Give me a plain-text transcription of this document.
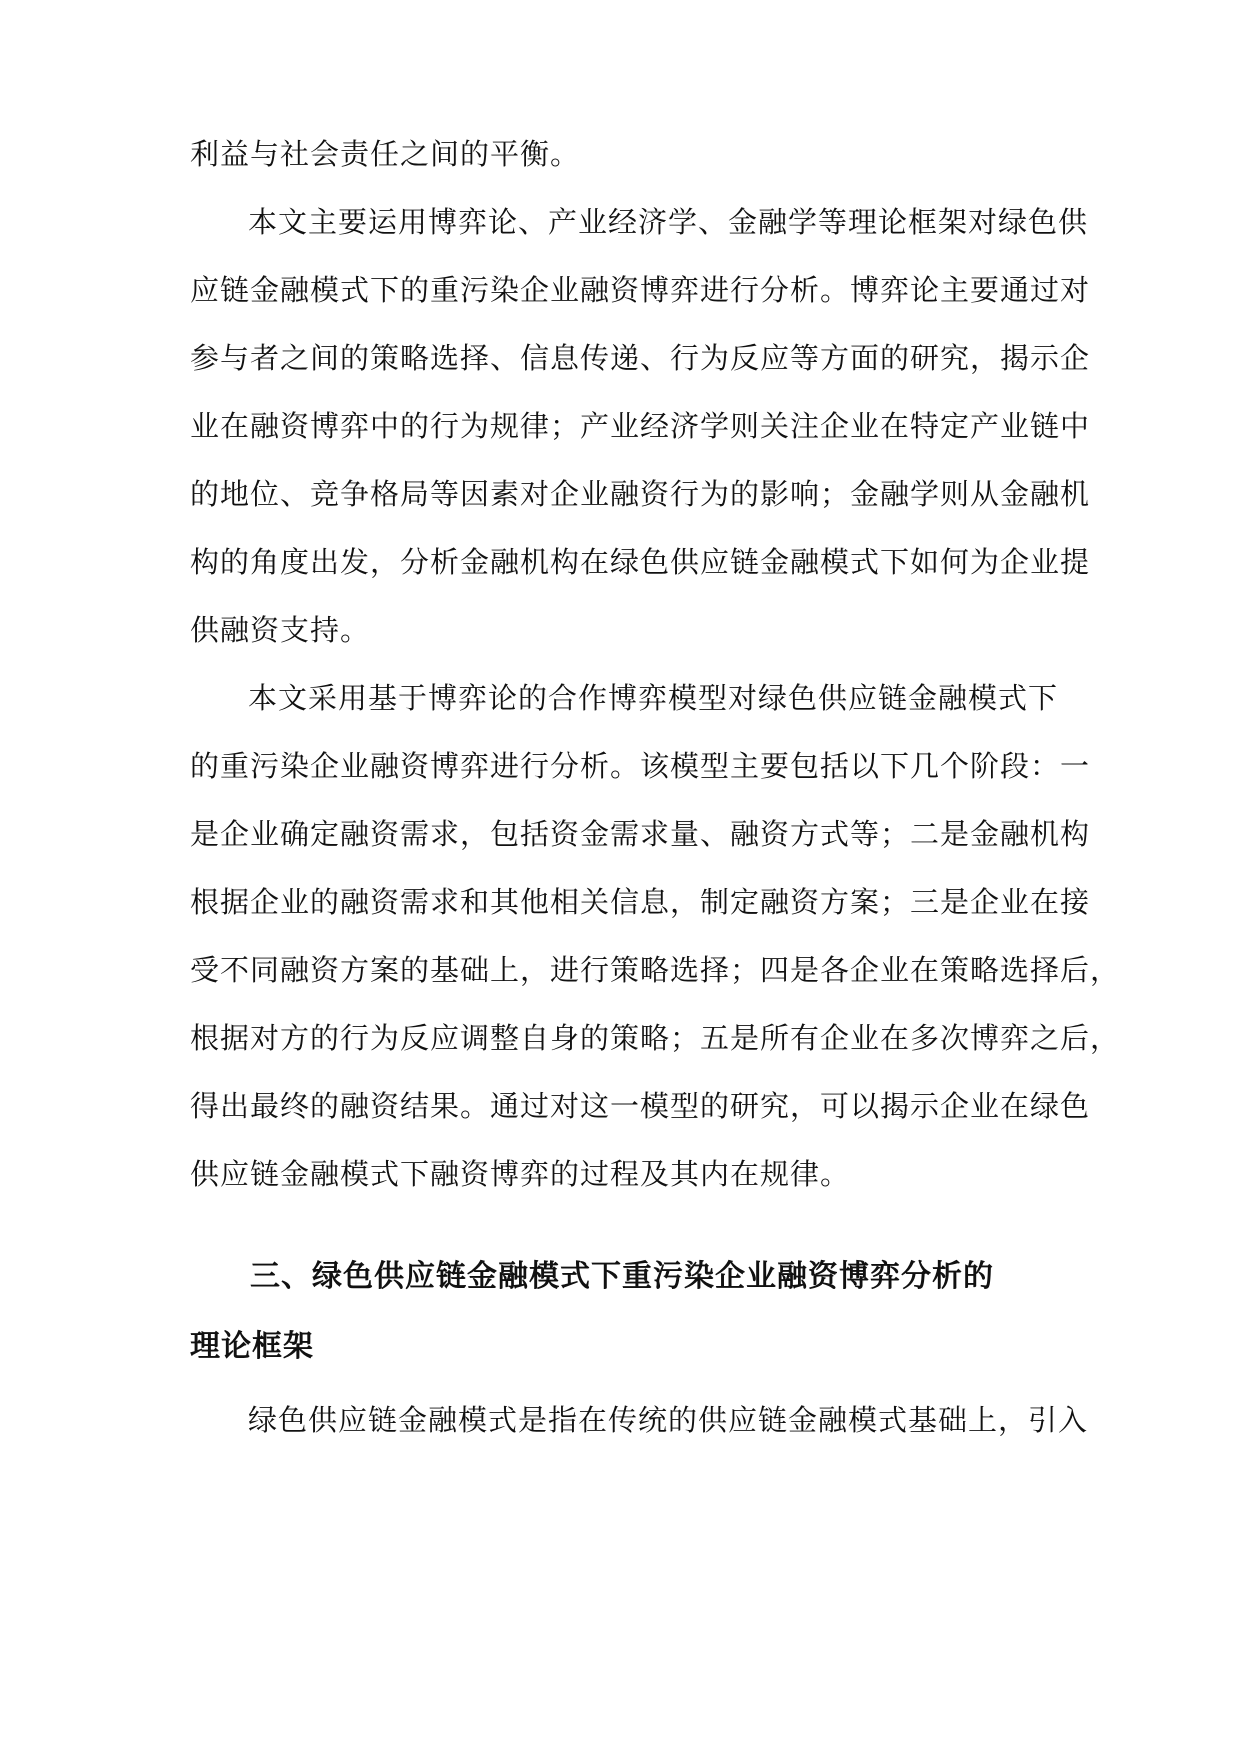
利益与社会责任之间的平衡。
本文主要运用博弈论、产业经济学、金融学等理论框架对绿色供
应链金融模式下的重污染企业融资博弈进行分析。博弈论主要通过对
参与者之间的策略选择、信息传递、行为反应等方面的研究，揭示企
业在融资博弈中的行为规律；产业经济学则关注企业在特定产业链中
的地位、竞争格局等因素对企业融资行为的影响；金融学则从金融机
构的角度出发，分析金融机构在绿色供应链金融模式下如何为企业提
供融资支持。
本文采用基于博弈论的合作博弈模型对绿色供应链金融模式下
的重污染企业融资博弈进行分析。该模型主要包括以下几个阶段：一
是企业确定融资需求，包括资金需求量、融资方式等；二是金融机构
根据企业的融资需求和其他相关信息，制定融资方案；三是企业在接
受不同融资方案的基础上，进行策略选择；四是各企业在策略选择后，
根据对方的行为反应调整自身的策略；五是所有企业在多次博弈之后，
得出最终的融资结果。通过对这一模型的研究，可以揭示企业在绿色
供应链金融模式下融资博弈的过程及其内在规律。
三、绿色供应链金融模式下重污染企业融资博弈分析的
理论框架
绿色供应链金融模式是指在传统的供应链金融模式基础上，引入
